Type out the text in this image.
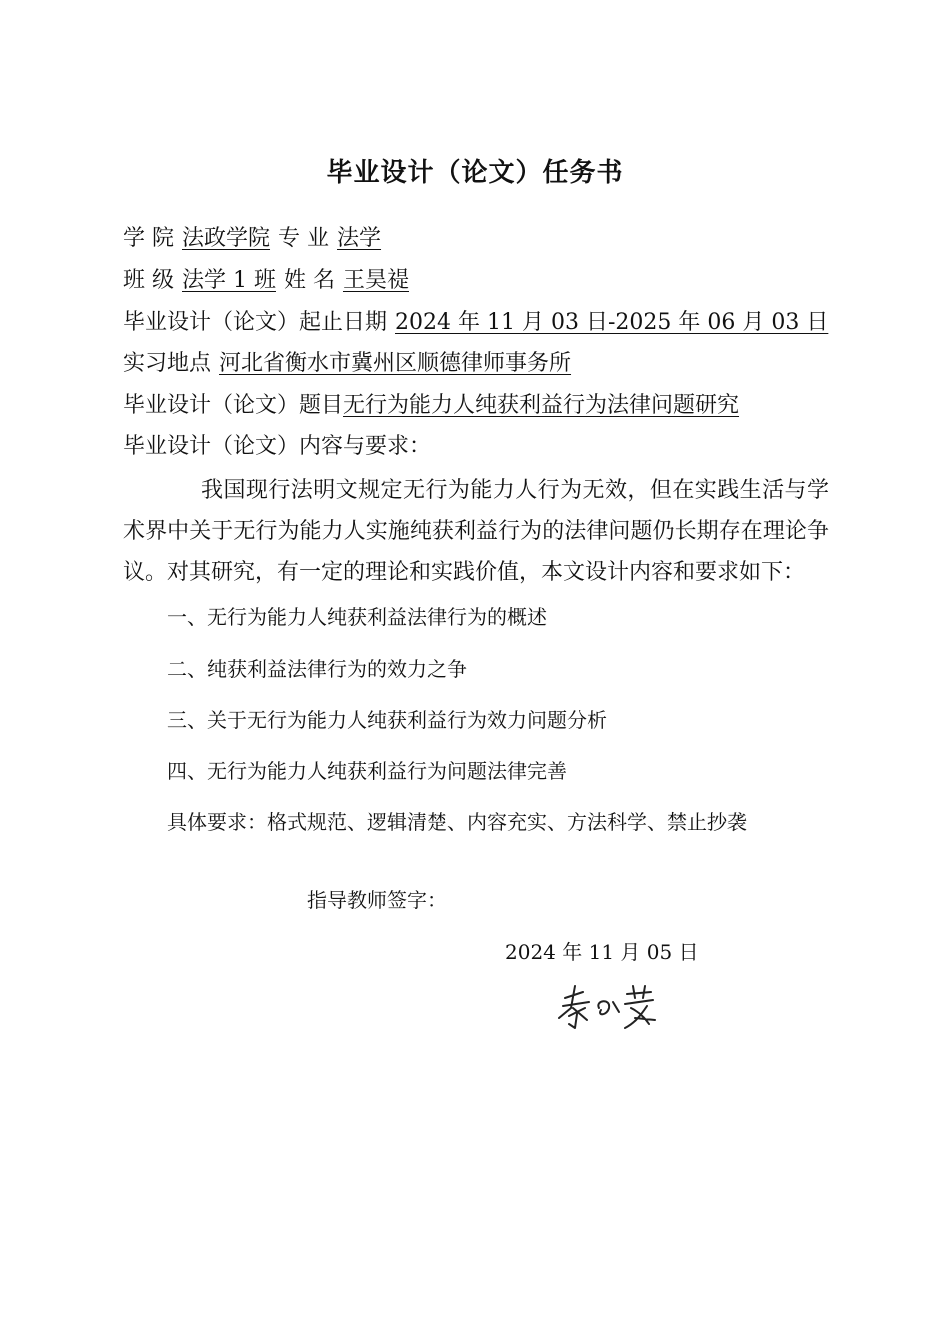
毕业设计（论文）任务书
学 院 法政学院 专 业 法学
班 级 法学 1 班 姓 名 王昊禔
毕业设计（论文）起止日期 2024 年 11 月 03 日-2025 年 06 月 03 日
实习地点 河北省衡水市冀州区顺德律师事务所
毕业设计（论文）题目无行为能力人纯获利益行为法律问题研究
毕业设计（论文）内容与要求：
我国现行法明文规定无行为能力人行为无效，但在实践生活与学术界中关于无行为能力人实施纯获利益行为的法律问题仍长期存在理论争议。对其研究，有一定的理论和实践价值，本文设计内容和要求如下：
一、无行为能力人纯获利益法律行为的概述
二、纯获利益法律行为的效力之争
三、关于无行为能力人纯获利益行为效力问题分析
四、无行为能力人纯获利益行为问题法律完善
具体要求：格式规范、逻辑清楚、内容充实、方法科学、禁止抄袭
指导教师签字：
2024 年 11 月 05 日
